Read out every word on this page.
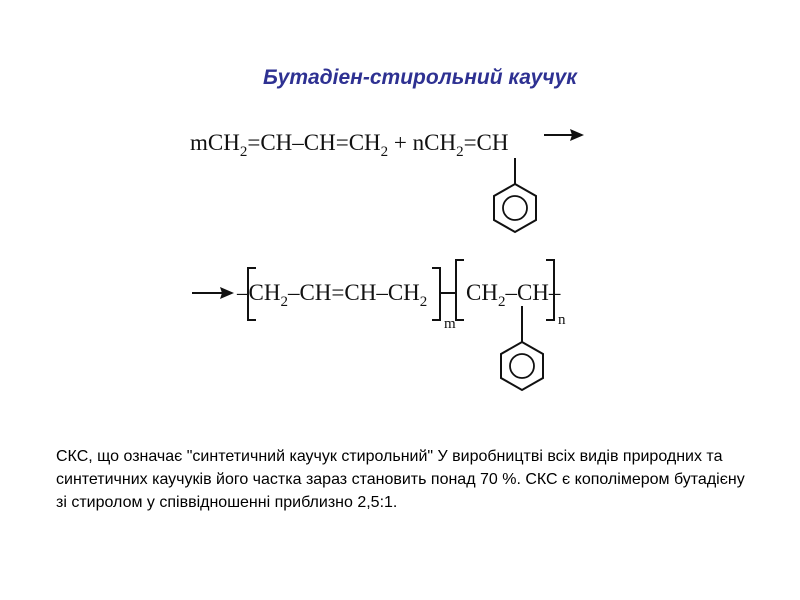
Бутадіен-стирольний каучук
$mCH_2=CH-CH=CH_2 + nCH_2=CH$
$-CH_2-CH=CH-CH_2$
m
$CH_2-CH-$
n
СКС, що означає "синтетичний каучук стирольний" У виробництві всіх видів природних та синтетичних каучуків його частка зараз становить понад 70 %. СКС є кополімером бутадієну зі стиролом у співвідношенні приблизно 2,5:1.
